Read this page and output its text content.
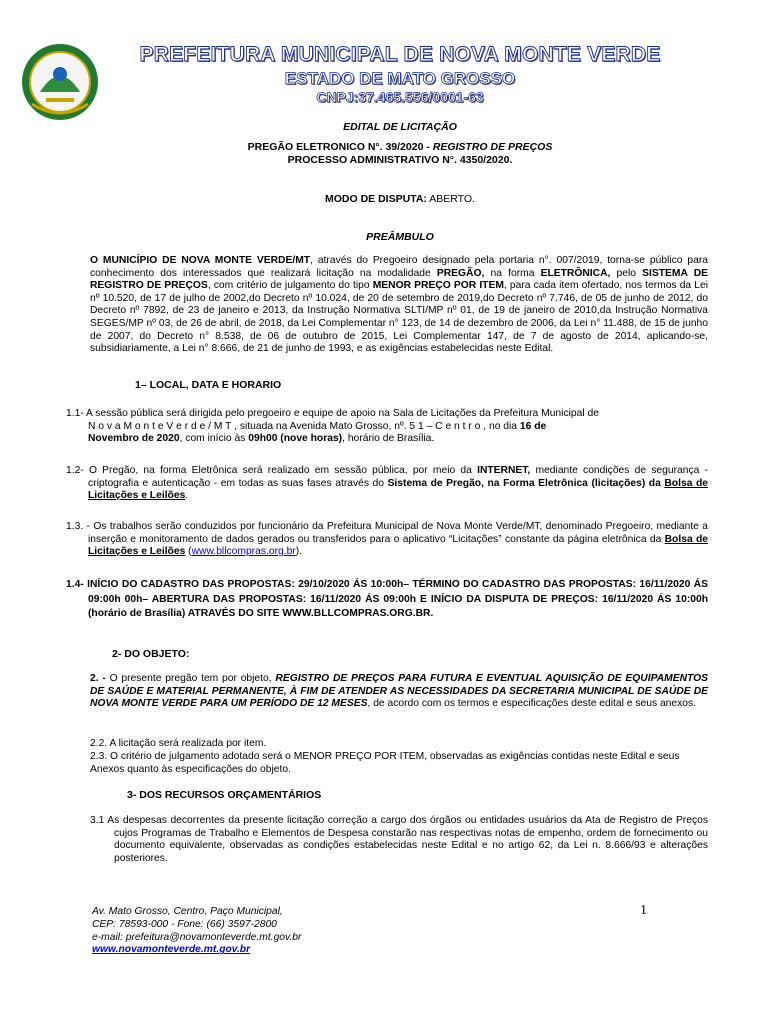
PREFEITURA MUNICIPAL DE NOVA MONTE VERDE
ESTADO DE MATO GROSSO
CNPJ:37.465.556/0001-63
EDITAL DE LICITAÇÃO
PREGÃO ELETRONICO N°. 39/2020 - REGISTRO DE PREÇOS
PROCESSO ADMINISTRATIVO N°. 4350/2020.
MODO DE DISPUTA: ABERTO.
PREÂMBULO
O MUNICÍPIO DE NOVA MONTE VERDE/MT, através do Pregoeiro designado pela portaria n°. 007/2019, torna-se público para conhecimento dos interessados que realizará licitação na modalidade PREGÃO, na forma ELETRÔNICA, pelo SISTEMA DE REGISTRO DE PREÇOS, com critério de julgamento do tipo MENOR PREÇO POR ITEM, para cada item ofertado, nos termos da Lei nº 10.520, de 17 de julho de 2002,do Decreto nº 10.024, de 20 de setembro de 2019,do Decreto nº 7.746, de 05 de junho de 2012, do Decreto nº 7892, de 23 de janeiro e 2013, da Instrução Normativa SLTI/MP nº 01, de 19 de janeiro de 2010,da Instrução Normativa SEGES/MP nº 03, de 26 de abril, de 2018, da Lei Complementar n° 123, de 14 de dezembro de 2006, da Lei n° 11.488, de 15 de junho de 2007, do Decreto n° 8.538, de 06 de outubro de 2015, Lei Complementar 147, de 7 de agosto de 2014, aplicando-se, subsidiariamente, a Lei n° 8.666, de 21 de junho de 1993, e as exigências estabelecidas neste Edital.
1– LOCAL, DATA E HORARIO
1.1- A sessão pública será dirigida pelo pregoeiro e equipe de apoio na Sala de Licitações da Prefeitura Municipal de
N o v a M o n t e V e r d e / M T , situada na Avenida Mato Grosso, nº. 5 1 – C e n t r o , no dia 16 de
Novembro de 2020, com início às 09h00 (nove horas), horário de Brasília.
1.2- O Pregão, na forma Eletrônica será realizado em sessão pública, por meio da INTERNET, mediante condições de segurança - criptografia e autenticação - em todas as suas fases através do Sistema de Pregão, na Forma Eletrônica (licitações) da Bolsa de Licitações e Leilões.
1.3. - Os trabalhos serão conduzidos por funcionário da Prefeitura Municipal de Nova Monte Verde/MT, denominado Pregoeiro, mediante a inserção e monitoramento de dados gerados ou transferidos para o aplicativo “Licitações” constante da página eletrônica da Bolsa de Licitações e Leilões (www.bllcompras.org.br).
1.4- INÍCIO DO CADASTRO DAS PROPOSTAS: 29/10/2020 ÁS 10:00h– TÉRMINO DO CADASTRO DAS PROPOSTAS: 16/11/2020 ÁS 09:00h 00h– ABERTURA DAS PROPOSTAS: 16/11/2020 ÁS 09:00h E INÍCIO DA DISPUTA DE PREÇOS: 16/11/2020 ÁS 10:00h (horário de Brasília) ATRAVÉS DO SITE WWW.BLLCOMPRAS.ORG.BR.
2- DO OBJETO:
2. - O presente pregão tem por objeto, REGISTRO DE PREÇOS PARA FUTURA E EVENTUAL AQUISIÇÃO DE EQUIPAMENTOS DE SAÚDE E MATERIAL PERMANENTE, À FIM DE ATENDER AS NECESSIDADES DA SECRETARIA MUNICIPAL DE SAÚDE DE NOVA MONTE VERDE PARA UM PERÍODO DE 12 MESES, de acordo com os termos e especificações deste edital e seus anexos.
2.2. A licitação será realizada por item.
2.3. O critério de julgamento adotado será o MENOR PREÇO POR ITEM, observadas as exigências contidas neste Edital e seus Anexos quanto às especificações do objeto.
3- DOS RECURSOS ORÇAMENTÁRIOS
3.1 As despesas decorrentes da presente licitação correção a cargo dos órgãos ou entidades usuários da Ata de Registro de Preços cujos Programas de Trabalho e Elementos de Despesa constarão nas respectivas notas de empenho, ordem de fornecimento ou documento equivalente, observadas as condições estabelecidas neste Edital e no artigo 62, da Lei n. 8.666/93 e alterações posteriores.
Av. Mato Grosso, Centro, Paço Municipal,
CEP: 78593-000 - Fone: (66) 3597-2800
e-mail: prefeitura@novamonteverde.mt.gov.br
www.novamonteverde.mt.gov.br
1
